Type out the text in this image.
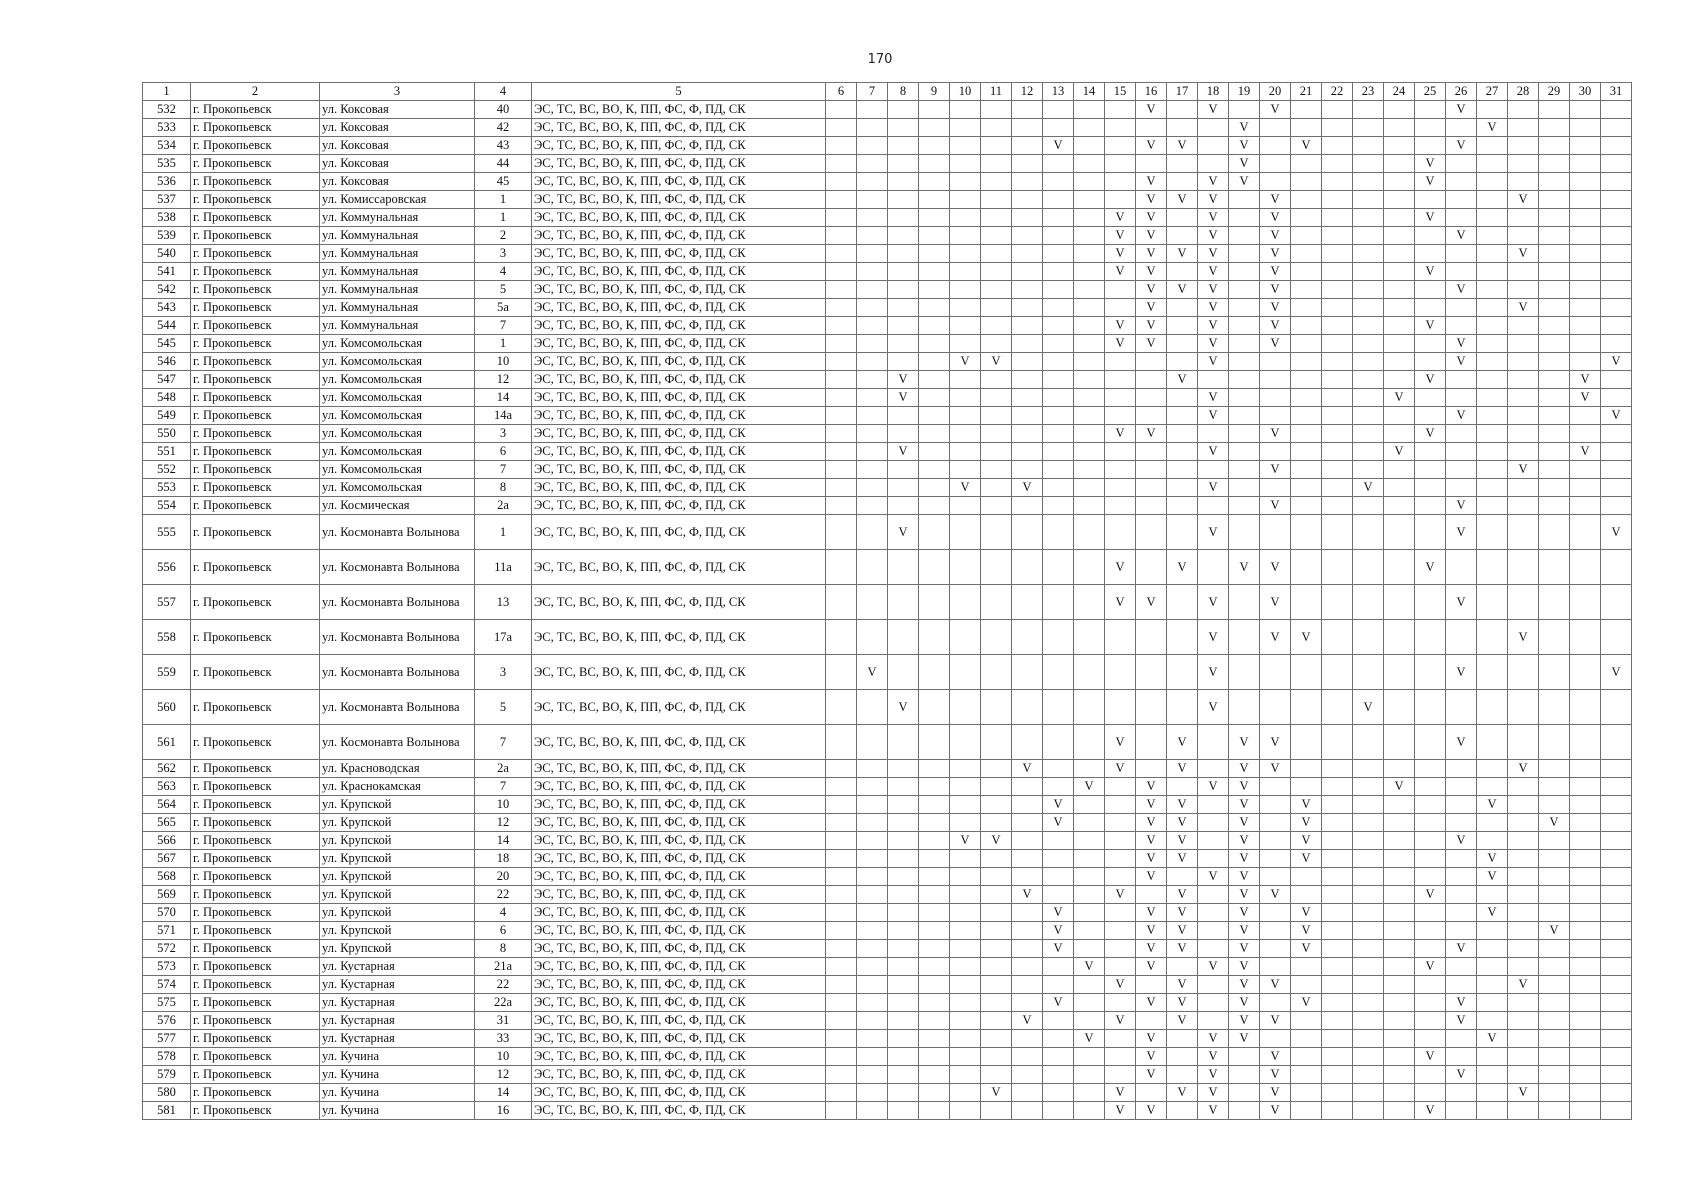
170
1	2	3	4	5	6	7	8	9	10	11	12	13	14	15	16	17	18	19	20	21	22	23	24	25	26	27	28	29	30	31
532	г. Прокопьевск	ул. Коксовая	40	ЭС, ТС, ВС, ВО, К, ПП, ФС, Ф, ПД, СК											V		V		V						V					
533	г. Прокопьевск	ул. Коксовая	42	ЭС, ТС, ВС, ВО, К, ПП, ФС, Ф, ПД, СК														V								V				
534	г. Прокопьевск	ул. Коксовая	43	ЭС, ТС, ВС, ВО, К, ПП, ФС, Ф, ПД, СК								V			V	V		V		V					V					
535	г. Прокопьевск	ул. Коксовая	44	ЭС, ТС, ВС, ВО, К, ПП, ФС, Ф, ПД, СК														V						V						
536	г. Прокопьевск	ул. Коксовая	45	ЭС, ТС, ВС, ВО, К, ПП, ФС, Ф, ПД, СК											V		V	V						V						
537	г. Прокопьевск	ул. Комиссаровская	1	ЭС, ТС, ВС, ВО, К, ПП, ФС, Ф, ПД, СК											V	V	V		V								V			
538	г. Прокопьевск	ул. Коммунальная	1	ЭС, ТС, ВС, ВО, К, ПП, ФС, Ф, ПД, СК										V	V		V		V					V						
539	г. Прокопьевск	ул. Коммунальная	2	ЭС, ТС, ВС, ВО, К, ПП, ФС, Ф, ПД, СК										V	V		V		V						V					
540	г. Прокопьевск	ул. Коммунальная	3	ЭС, ТС, ВС, ВО, К, ПП, ФС, Ф, ПД, СК										V	V	V	V		V								V			
541	г. Прокопьевск	ул. Коммунальная	4	ЭС, ТС, ВС, ВО, К, ПП, ФС, Ф, ПД, СК										V	V		V		V					V						
542	г. Прокопьевск	ул. Коммунальная	5	ЭС, ТС, ВС, ВО, К, ПП, ФС, Ф, ПД, СК											V	V	V		V						V					
543	г. Прокопьевск	ул. Коммунальная	5а	ЭС, ТС, ВС, ВО, К, ПП, ФС, Ф, ПД, СК											V		V		V								V			
544	г. Прокопьевск	ул. Коммунальная	7	ЭС, ТС, ВС, ВО, К, ПП, ФС, Ф, ПД, СК										V	V		V		V					V						
545	г. Прокопьевск	ул. Комсомольская	1	ЭС, ТС, ВС, ВО, К, ПП, ФС, Ф, ПД, СК										V	V		V		V						V					
546	г. Прокопьевск	ул. Комсомольская	10	ЭС, ТС, ВС, ВО, К, ПП, ФС, Ф, ПД, СК					V	V							V								V					V
547	г. Прокопьевск	ул. Комсомольская	12	ЭС, ТС, ВС, ВО, К, ПП, ФС, Ф, ПД, СК			V									V								V					V	
548	г. Прокопьевск	ул. Комсомольская	14	ЭС, ТС, ВС, ВО, К, ПП, ФС, Ф, ПД, СК			V										V						V						V	
549	г. Прокопьевск	ул. Комсомольская	14а	ЭС, ТС, ВС, ВО, К, ПП, ФС, Ф, ПД, СК													V								V					V
550	г. Прокопьевск	ул. Комсомольская	3	ЭС, ТС, ВС, ВО, К, ПП, ФС, Ф, ПД, СК										V	V				V					V						
551	г. Прокопьевск	ул. Комсомольская	6	ЭС, ТС, ВС, ВО, К, ПП, ФС, Ф, ПД, СК			V										V						V						V	
552	г. Прокопьевск	ул. Комсомольская	7	ЭС, ТС, ВС, ВО, К, ПП, ФС, Ф, ПД, СК															V								V			
553	г. Прокопьевск	ул. Комсомольская	8	ЭС, ТС, ВС, ВО, К, ПП, ФС, Ф, ПД, СК					V		V						V					V								
554	г. Прокопьевск	ул. Космическая	2а	ЭС, ТС, ВС, ВО, К, ПП, ФС, Ф, ПД, СК															V						V					
555	г. Прокопьевск	ул. Космонавта Волынова	1	ЭС, ТС, ВС, ВО, К, ПП, ФС, Ф, ПД, СК			V										V								V					V
556	г. Прокопьевск	ул. Космонавта Волынова	11а	ЭС, ТС, ВС, ВО, К, ПП, ФС, Ф, ПД, СК										V		V		V	V					V						
557	г. Прокопьевск	ул. Космонавта Волынова	13	ЭС, ТС, ВС, ВО, К, ПП, ФС, Ф, ПД, СК										V	V		V		V						V					
558	г. Прокопьевск	ул. Космонавта Волынова	17а	ЭС, ТС, ВС, ВО, К, ПП, ФС, Ф, ПД, СК													V		V	V							V			
559	г. Прокопьевск	ул. Космонавта Волынова	3	ЭС, ТС, ВС, ВО, К, ПП, ФС, Ф, ПД, СК		V											V								V					V
560	г. Прокопьевск	ул. Космонавта Волынова	5	ЭС, ТС, ВС, ВО, К, ПП, ФС, Ф, ПД, СК			V										V					V								
561	г. Прокопьевск	ул. Космонавта Волынова	7	ЭС, ТС, ВС, ВО, К, ПП, ФС, Ф, ПД, СК										V		V		V	V						V					
562	г. Прокопьевск	ул. Красноводская	2а	ЭС, ТС, ВС, ВО, К, ПП, ФС, Ф, ПД, СК							V			V		V		V	V								V			
563	г. Прокопьевск	ул. Краснокамская	7	ЭС, ТС, ВС, ВО, К, ПП, ФС, Ф, ПД, СК									V		V		V	V					V							
564	г. Прокопьевск	ул. Крупской	10	ЭС, ТС, ВС, ВО, К, ПП, ФС, Ф, ПД, СК								V			V	V		V		V						V				
565	г. Прокопьевск	ул. Крупской	12	ЭС, ТС, ВС, ВО, К, ПП, ФС, Ф, ПД, СК								V			V	V		V		V								V		
566	г. Прокопьевск	ул. Крупской	14	ЭС, ТС, ВС, ВО, К, ПП, ФС, Ф, ПД, СК					V	V					V	V		V		V					V					
567	г. Прокопьевск	ул. Крупской	18	ЭС, ТС, ВС, ВО, К, ПП, ФС, Ф, ПД, СК											V	V		V		V						V				
568	г. Прокопьевск	ул. Крупской	20	ЭС, ТС, ВС, ВО, К, ПП, ФС, Ф, ПД, СК											V		V	V								V				
569	г. Прокопьевск	ул. Крупской	22	ЭС, ТС, ВС, ВО, К, ПП, ФС, Ф, ПД, СК							V			V		V		V	V					V						
570	г. Прокопьевск	ул. Крупской	4	ЭС, ТС, ВС, ВО, К, ПП, ФС, Ф, ПД, СК								V			V	V		V		V						V				
571	г. Прокопьевск	ул. Крупской	6	ЭС, ТС, ВС, ВО, К, ПП, ФС, Ф, ПД, СК								V			V	V		V		V								V		
572	г. Прокопьевск	ул. Крупской	8	ЭС, ТС, ВС, ВО, К, ПП, ФС, Ф, ПД, СК								V			V	V		V		V					V					
573	г. Прокопьевск	ул. Кустарная	21а	ЭС, ТС, ВС, ВО, К, ПП, ФС, Ф, ПД, СК									V		V		V	V						V						
574	г. Прокопьевск	ул. Кустарная	22	ЭС, ТС, ВС, ВО, К, ПП, ФС, Ф, ПД, СК										V		V		V	V								V			
575	г. Прокопьевск	ул. Кустарная	22а	ЭС, ТС, ВС, ВО, К, ПП, ФС, Ф, ПД, СК								V			V	V		V		V					V					
576	г. Прокопьевск	ул. Кустарная	31	ЭС, ТС, ВС, ВО, К, ПП, ФС, Ф, ПД, СК							V			V		V		V	V						V					
577	г. Прокопьевск	ул. Кустарная	33	ЭС, ТС, ВС, ВО, К, ПП, ФС, Ф, ПД, СК									V		V		V	V								V				
578	г. Прокопьевск	ул. Кучина	10	ЭС, ТС, ВС, ВО, К, ПП, ФС, Ф, ПД, СК											V		V		V					V						
579	г. Прокопьевск	ул. Кучина	12	ЭС, ТС, ВС, ВО, К, ПП, ФС, Ф, ПД, СК											V		V		V						V					
580	г. Прокопьевск	ул. Кучина	14	ЭС, ТС, ВС, ВО, К, ПП, ФС, Ф, ПД, СК						V				V		V	V		V								V			
581	г. Прокопьевск	ул. Кучина	16	ЭС, ТС, ВС, ВО, К, ПП, ФС, Ф, ПД, СК										V	V		V		V					V						
